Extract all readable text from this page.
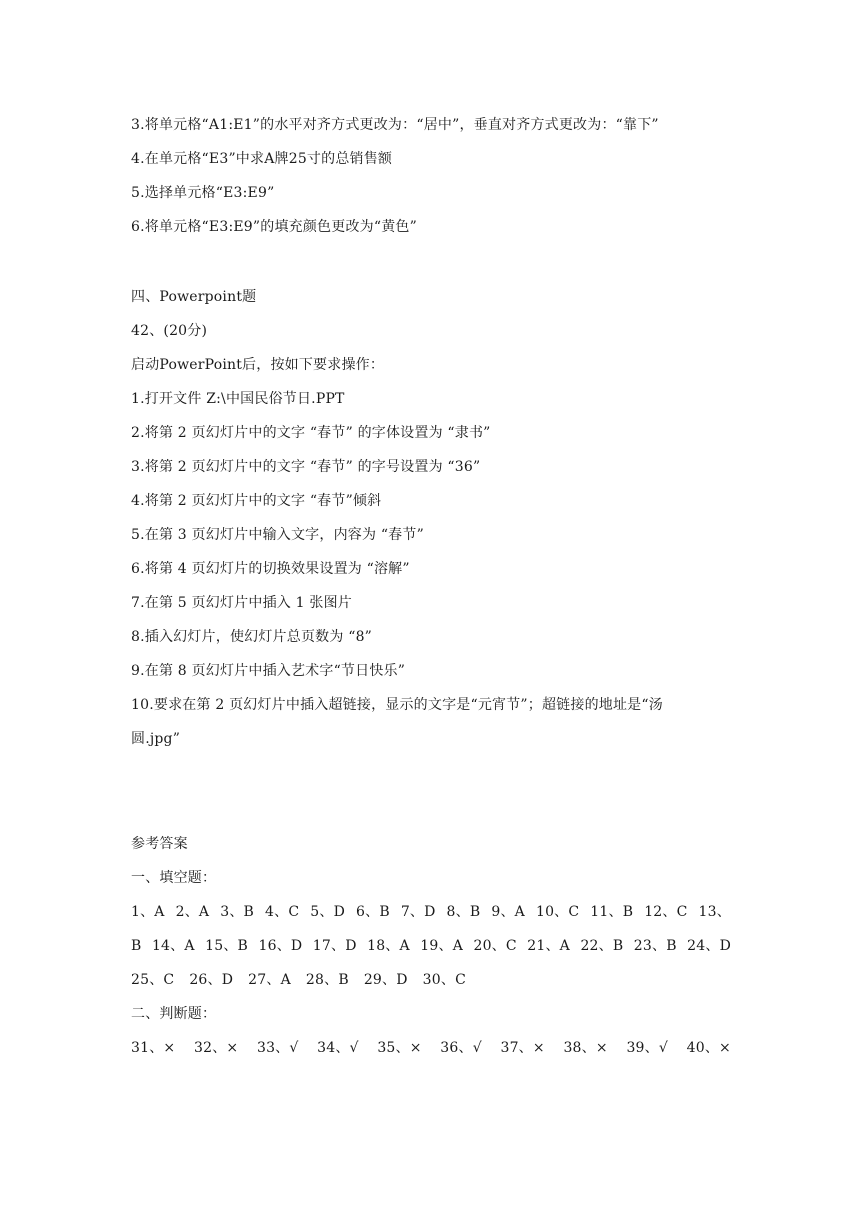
3.将单元格“A1:E1”的水平对齐方式更改为：“居中”，垂直对齐方式更改为：“靠下”
4.在单元格“E3”中求A牌25寸的总销售额
5.选择单元格“E3:E9”
6.将单元格“E3:E9”的填充颜色更改为“黄色”
四、Powerpoint题
42、(20分)
启动PowerPoint后，按如下要求操作：
1.打开文件 Z:\中国民俗节日.PPT
2.将第 2 页幻灯片中的文字 “春节” 的字体设置为 “隶书”
3.将第 2 页幻灯片中的文字 “春节” 的字号设置为 “36”
4.将第 2 页幻灯片中的文字 “春节”倾斜
5.在第 3 页幻灯片中输入文字，内容为 “春节”
6.将第 4 页幻灯片的切换效果设置为 “溶解”
7.在第 5 页幻灯片中插入 1 张图片
8.插入幻灯片，使幻灯片总页数为 “8”
9.在第 8 页幻灯片中插入艺术字“节日快乐”
10.要求在第 2 页幻灯片中插入超链接，显示的文字是“元宵节”；超链接的地址是“汤
圆.jpg”
参考答案
一、填空题：
1、A 2、A 3、B 4、C 5、D 6、B 7、D 8、B 9、A 10、C 11、B 12、C 13、
B 14、A 15、B 16、D 17、D 18、A 19、A 20、C 21、A 22、B 23、B 24、D
25、C 26、D 27、A 28、B 29、D 30、C
二、判断题：
31、× 32、× 33、√ 34、√ 35、× 36、√ 37、× 38、× 39、√ 40、×
